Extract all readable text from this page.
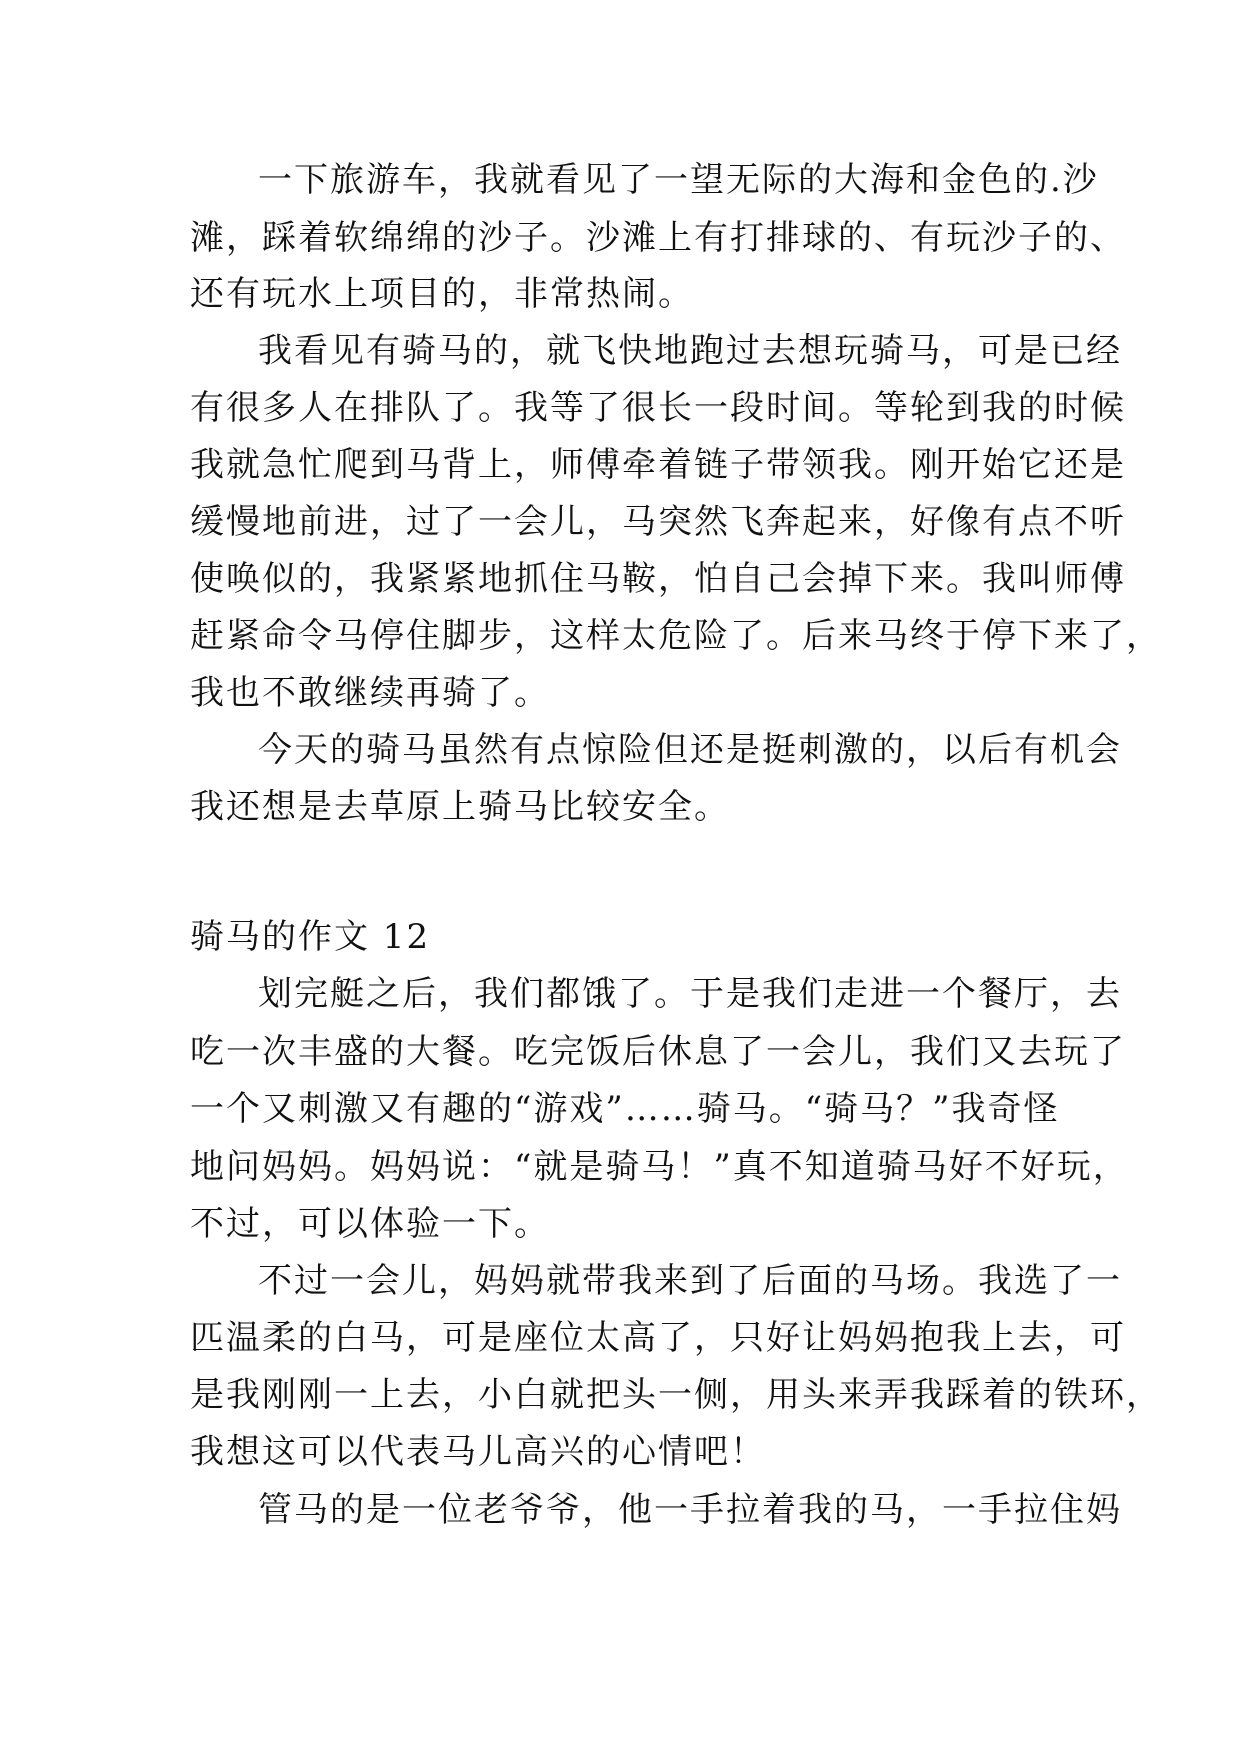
一下旅游车，我就看见了一望无际的大海和金色的.沙
滩，踩着软绵绵的沙子。沙滩上有打排球的、有玩沙子的、
还有玩水上项目的，非常热闹。
我看见有骑马的，就飞快地跑过去想玩骑马，可是已经
有很多人在排队了。我等了很长一段时间。等轮到我的时候
我就急忙爬到马背上，师傅牵着链子带领我。刚开始它还是
缓慢地前进，过了一会儿，马突然飞奔起来，好像有点不听
使唤似的，我紧紧地抓住马鞍，怕自己会掉下来。我叫师傅
赶紧命令马停住脚步，这样太危险了。后来马终于停下来了，
我也不敢继续再骑了。
今天的骑马虽然有点惊险但还是挺刺激的，以后有机会
我还想是去草原上骑马比较安全。
骑马的作文 12
划完艇之后，我们都饿了。于是我们走进一个餐厅，去
吃一次丰盛的大餐。吃完饭后休息了一会儿，我们又去玩了
一个又刺激又有趣的“游戏”……骑马。“骑马？”我奇怪
地问妈妈。妈妈说：“就是骑马！”真不知道骑马好不好玩，
不过，可以体验一下。
不过一会儿，妈妈就带我来到了后面的马场。我选了一
匹温柔的白马，可是座位太高了，只好让妈妈抱我上去，可
是我刚刚一上去，小白就把头一侧，用头来弄我踩着的铁环，
我想这可以代表马儿高兴的心情吧！
管马的是一位老爷爷，他一手拉着我的马，一手拉住妈
